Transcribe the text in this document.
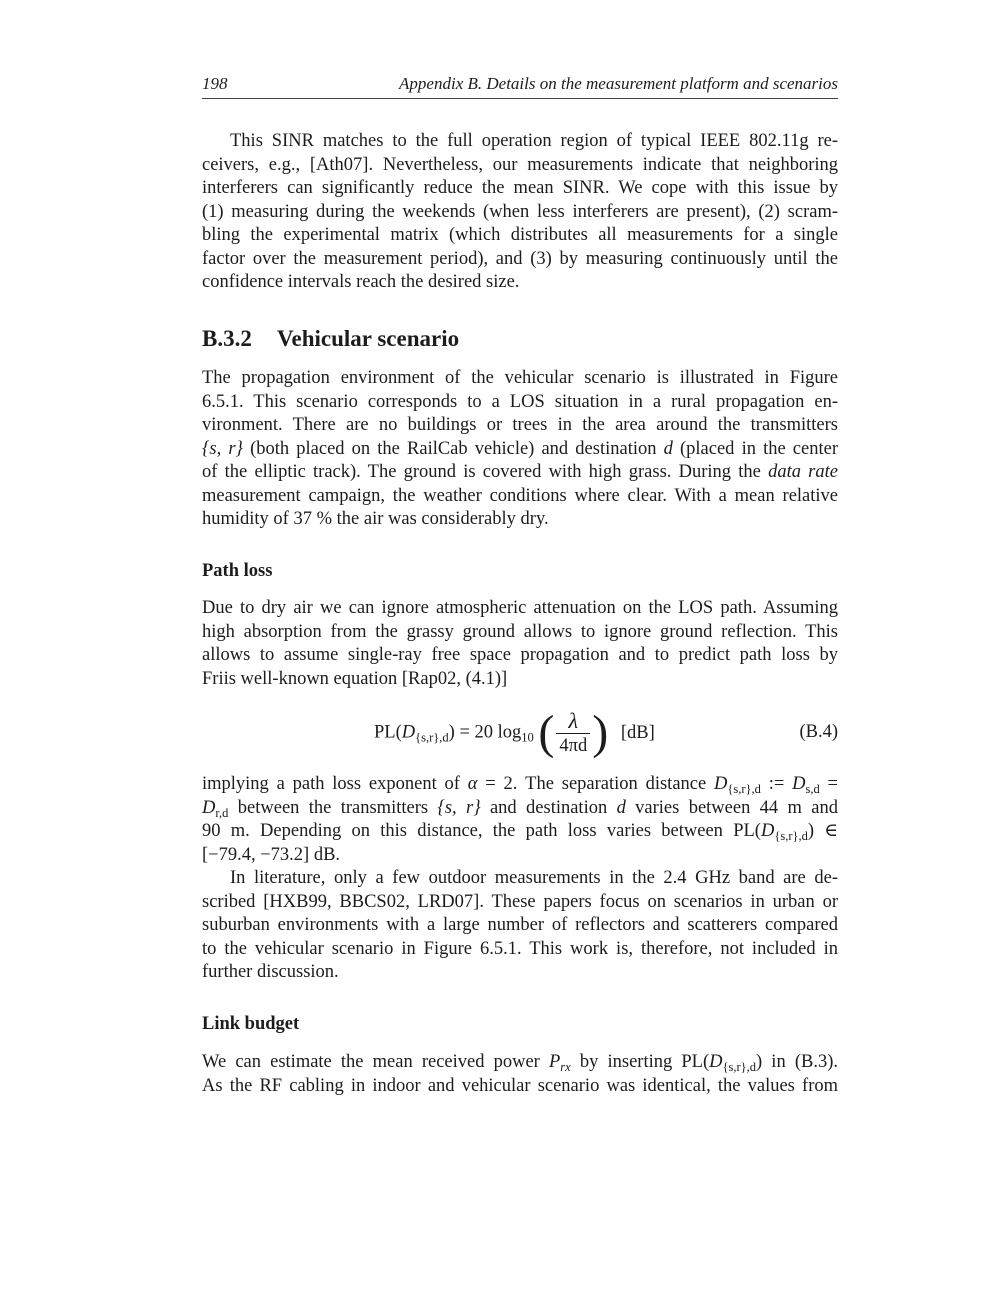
198	Appendix B. Details on the measurement platform and scenarios
This SINR matches to the full operation region of typical IEEE 802.11g re-
ceivers, e.g., [Ath07]. Nevertheless, our measurements indicate that neighboring
interferers can significantly reduce the mean SINR. We cope with this issue by
(1) measuring during the weekends (when less interferers are present), (2) scram-
bling the experimental matrix (which distributes all measurements for a single
factor over the measurement period), and (3) by measuring continuously until the
confidence intervals reach the desired size.
B.3.2 Vehicular scenario
The propagation environment of the vehicular scenario is illustrated in Figure
6.5.1. This scenario corresponds to a LOS situation in a rural propagation en-
vironment. There are no buildings or trees in the area around the transmitters
{s, r} (both placed on the RailCab vehicle) and destination d (placed in the center
of the elliptic track). The ground is covered with high grass. During the data rate
measurement campaign, the weather conditions where clear. With a mean relative
humidity of 37 % the air was considerably dry.
Path loss
Due to dry air we can ignore atmospheric attenuation on the LOS path. Assuming
high absorption from the grassy ground allows to ignore ground reflection. This
allows to assume single-ray free space propagation and to predict path loss by
Friis well-known equation [Rap02, (4.1)]
$PL(D_{\{s,r\},d}) = 20$ $\log_{10}$ ( $\frac{\lambda}{4\pi d}$ ) [dB]	(B.4)
implying a path loss exponent of α = 2. The separation distance $D_{\{s,r\},d}$ := $D_{s,d}$ =
$D_{r,d}$ between the transmitters {s, r} and destination d varies between 44 m and
90 m. Depending on this distance, the path loss varies between $PL(D_{\{s,r\},d})$ ∈
[−79.4, −73.2] dB.
In literature, only a few outdoor measurements in the 2.4 GHz band are de-
scribed [HXB99, BBCS02, LRD07]. These papers focus on scenarios in urban or
suburban environments with a large number of reflectors and scatterers compared
to the vehicular scenario in Figure 6.5.1. This work is, therefore, not included in
further discussion.
Link budget
We can estimate the mean received power $P_{rx}$ by inserting $PL(D_{\{s,r\},d})$ in (B.3).
As the RF cabling in indoor and vehicular scenario was identical, the values from
